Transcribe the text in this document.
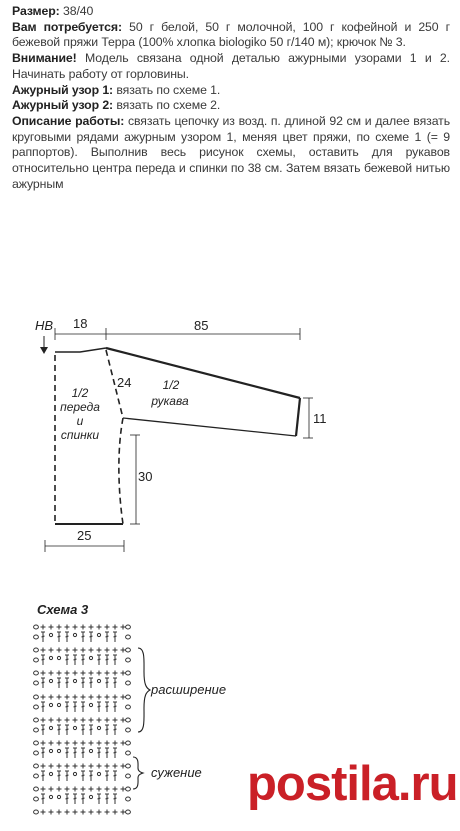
Размер: 38/40

Вам потребуется: 50 г белой, 50 г молочной, 100 г кофейной и 250 г бежевой пряжи Терра (100% хлопка biologiko 50 г/140 м); крючок № 3.

Внимание! Модель связана одной деталью ажурными узорами 1 и 2. Начинать работу от горловины.

Ажурный узор 1: вязать по схеме 1.

Ажурный узор 2: вязать по схеме 2.

Описание работы: связать цепочку из возд. п. длиной 92 см и далее вязать круговыми рядами ажурным узором 1, меняя цвет пряжи, по схеме 1 (= 9 раппортов). Выполнив весь рисунок схемы, оставить для рукавов относительно центра переда и спинки по 38 см. Затем вязать бежевой нитью ажурным

НВ 18	85
11
30
24
25
1/2
переда
и
спинки
1/2
рукава
Схема 3
расширение
сужение postila.ru
